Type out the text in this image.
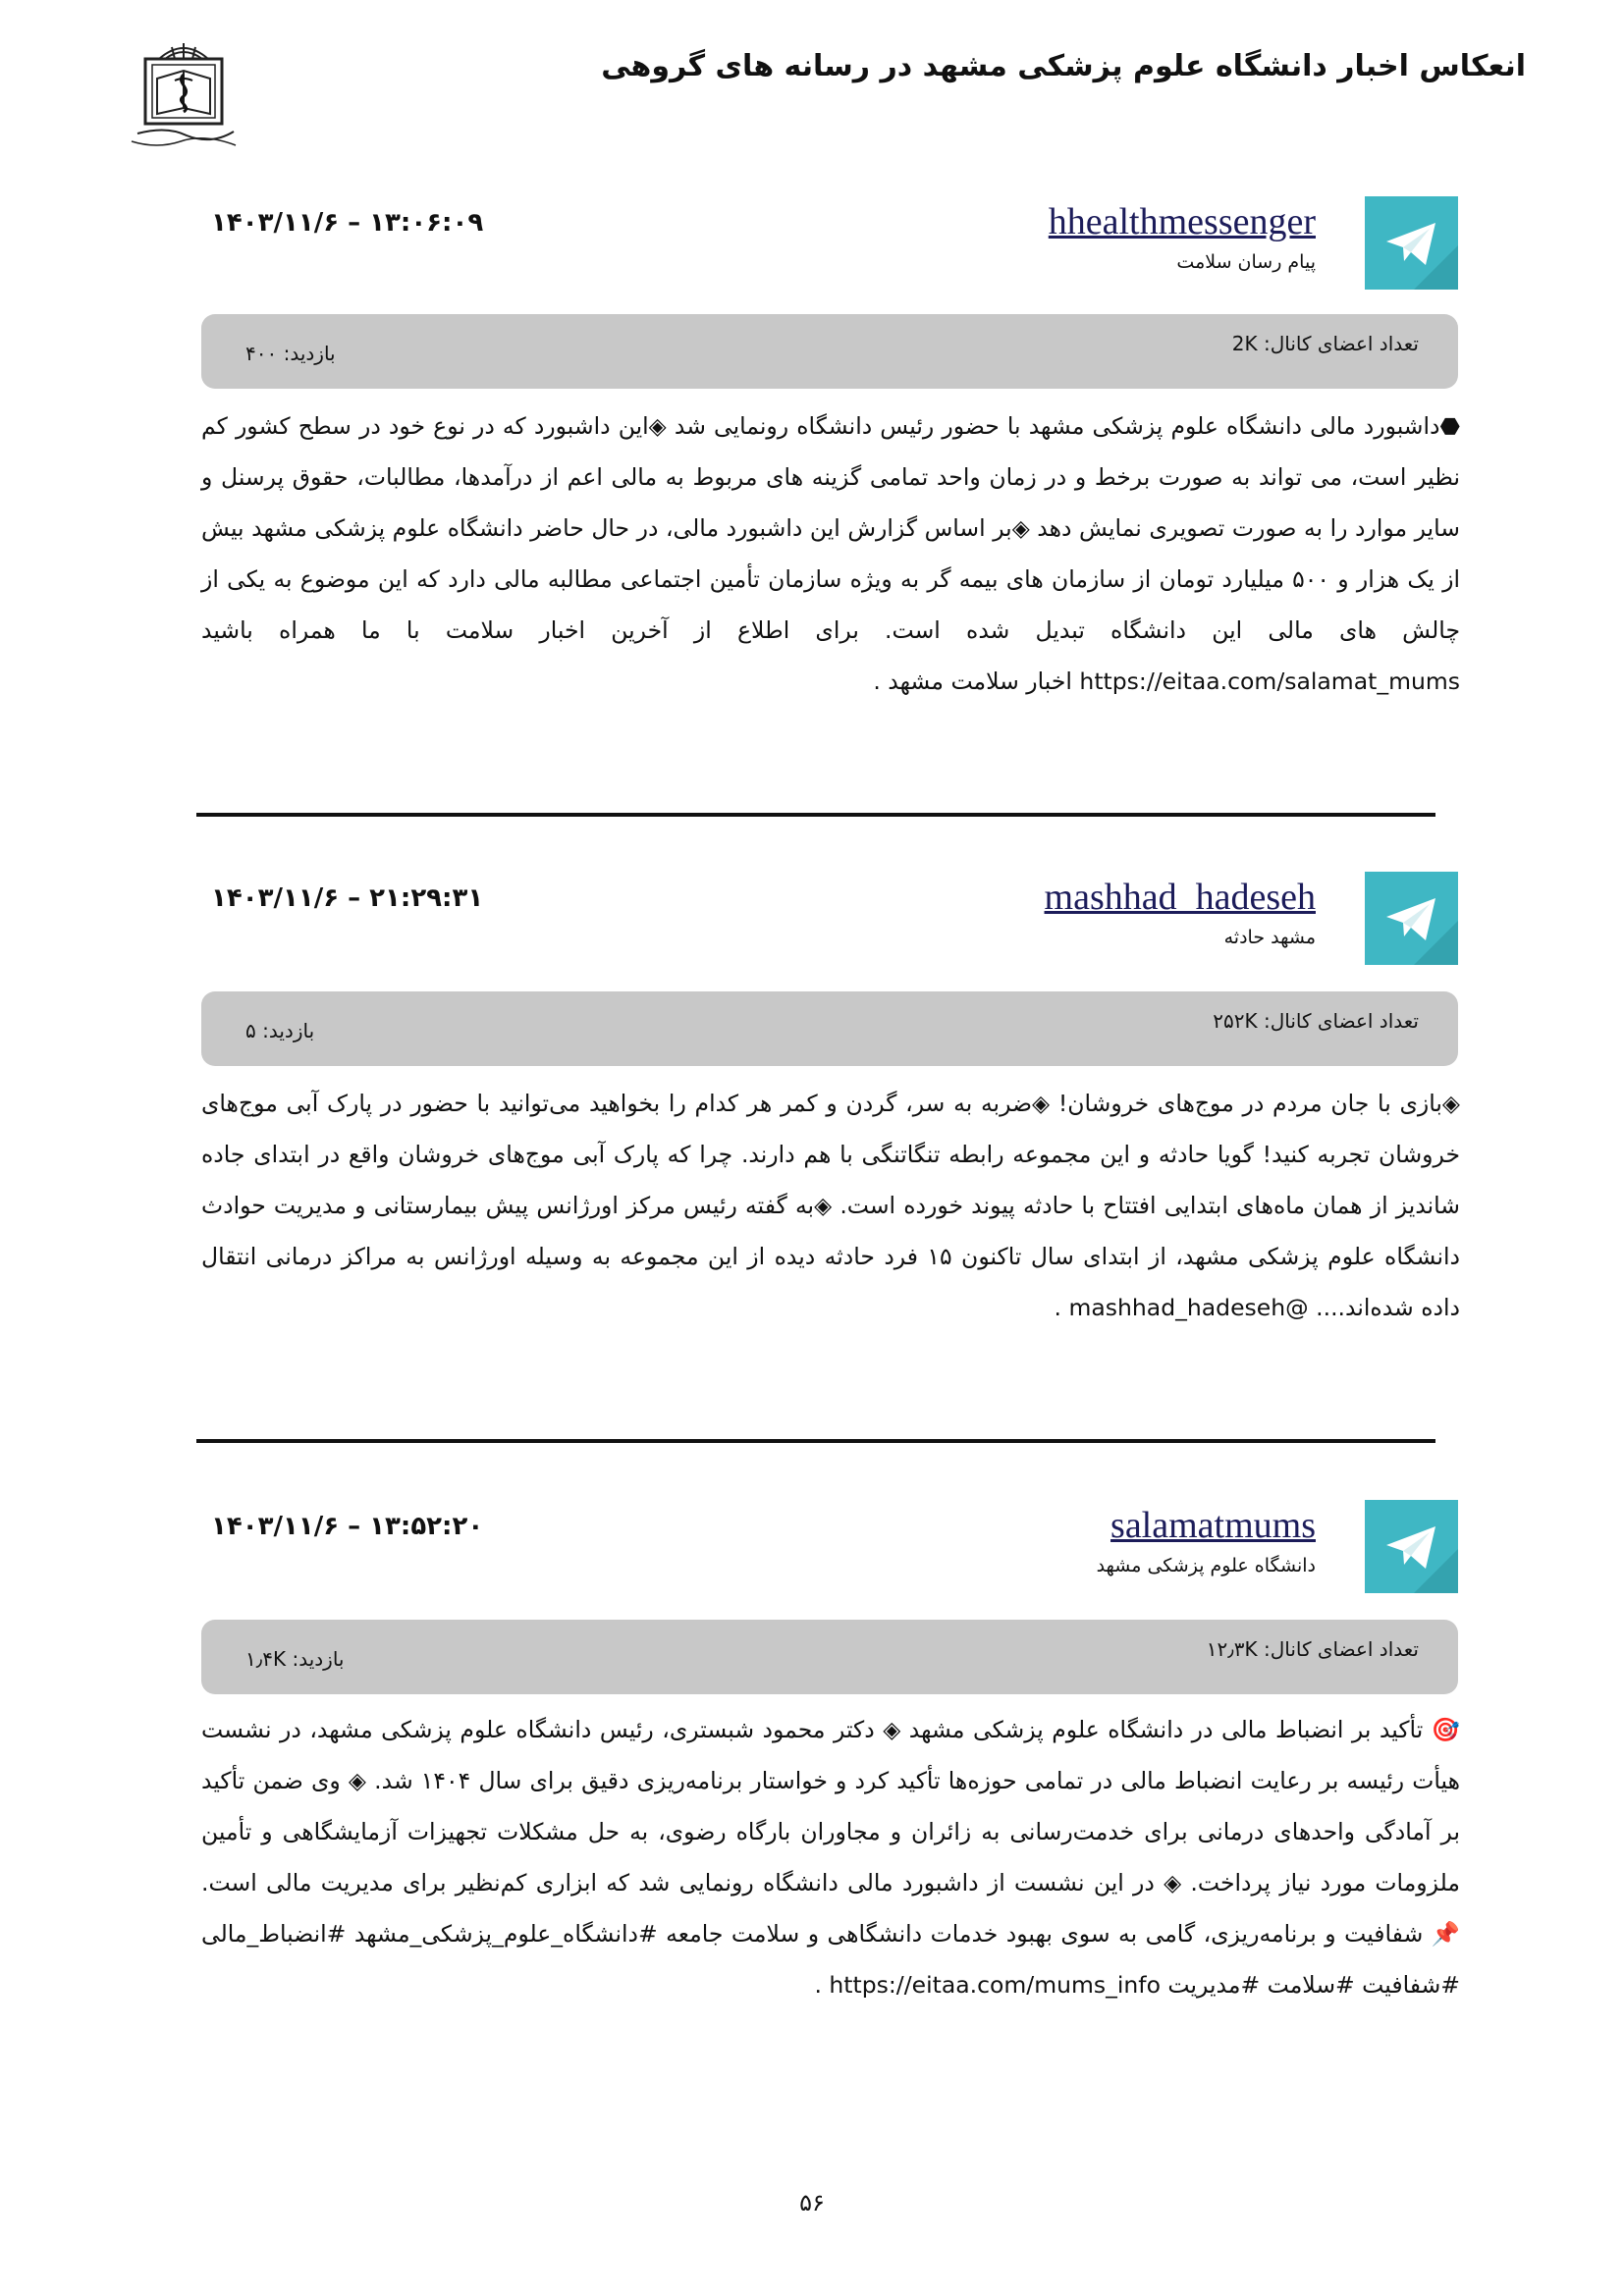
انعکاس اخبار دانشگاه علوم پزشکی مشهد در رسانه های گروهی
hhealthmessenger
پیام رسان سلامت
۱۴۰۳/۱۱/۶ – ۱۳:۰۶:۰۹
تعداد اعضای کانال: 2K
بازدید: ۴۰۰
⬣داشبورد مالی دانشگاه علوم پزشکی مشهد با حضور رئیس دانشگاه رونمایی شد ◈این داشبورد که در نوع خود در سطح کشور کم نظیر است، می تواند به صورت برخط و در زمان واحد تمامی گزینه های مربوط به مالی اعم از درآمدها، مطالبات، حقوق پرسنل و سایر موارد را به صورت تصویری نمایش دهد ◈بر اساس گزارش این داشبورد مالی، در حال حاضر دانشگاه علوم پزشکی مشهد بیش از یک هزار و ۵۰۰ میلیارد تومان از سازمان های بیمه گر به ویژه سازمان تأمین اجتماعی مطالبه مالی دارد که این موضوع به یکی از چالش های مالی این دانشگاه تبدیل شده است. برای اطلاع از آخرین اخبار سلامت با ما همراه باشید https://eitaa.com/salamat_mums اخبار سلامت مشهد .
mashhad_hadeseh
مشهد حادثه
۱۴۰۳/۱۱/۶ – ۲۱:۲۹:۳۱
تعداد اعضای کانال: ۲۵۲K
بازدید: ۵
◈بازی با جان مردم در موج‌های خروشان! ◈ضربه به سر، گردن و کمر هر کدام را بخواهید می‌توانید با حضور در پارک آبی موج‌های خروشان تجربه کنید! گویا حادثه و این مجموعه رابطه تنگاتنگی با هم دارند. چرا که پارک آبی موج‌های خروشان واقع در ابتدای جاده شاندیز از همان ماه‌های ابتدایی افتتاح با حادثه پیوند خورده است. ◈به گفته رئیس مرکز اورژانس پیش بیمارستانی و مدیریت حوادث دانشگاه علوم پزشکی مشهد، از ابتدای سال تاکنون ۱۵ فرد حادثه دیده از این مجموعه به وسیله اورژانس به مراکز درمانی انتقال داده شده‌اند.... @mashhad_hadeseh .
salamatmums
دانشگاه علوم پزشکی مشهد
۱۴۰۳/۱۱/۶ – ۱۳:۵۲:۲۰
تعداد اعضای کانال: ۱۲٫۳K
بازدید: ۱٫۴K
🎯 تأکید بر انضباط مالی در دانشگاه علوم پزشکی مشهد ◈ دکتر محمود شبستری، رئیس دانشگاه علوم پزشکی مشهد، در نشست هیأت رئیسه بر رعایت انضباط مالی در تمامی حوزه‌ها تأکید کرد و خواستار برنامه‌ریزی دقیق برای سال ۱۴۰۴ شد. ◈ وی ضمن تأکید بر آمادگی واحدهای درمانی برای خدمت‌رسانی به زائران و مجاوران بارگاه رضوی، به حل مشکلات تجهیزات آزمایشگاهی و تأمین ملزومات مورد نیاز پرداخت. ◈ در این نشست از داشبورد مالی دانشگاه رونمایی شد که ابزاری کم‌نظیر برای مدیریت مالی است. 📌 شفافیت و برنامه‌ریزی، گامی به سوی بهبود خدمات دانشگاهی و سلامت جامعه #دانشگاه_علوم_پزشکی_مشهد #انضباط_مالی #شفافیت #سلامت #مدیریت https://eitaa.com/mums_info .
۵۶
